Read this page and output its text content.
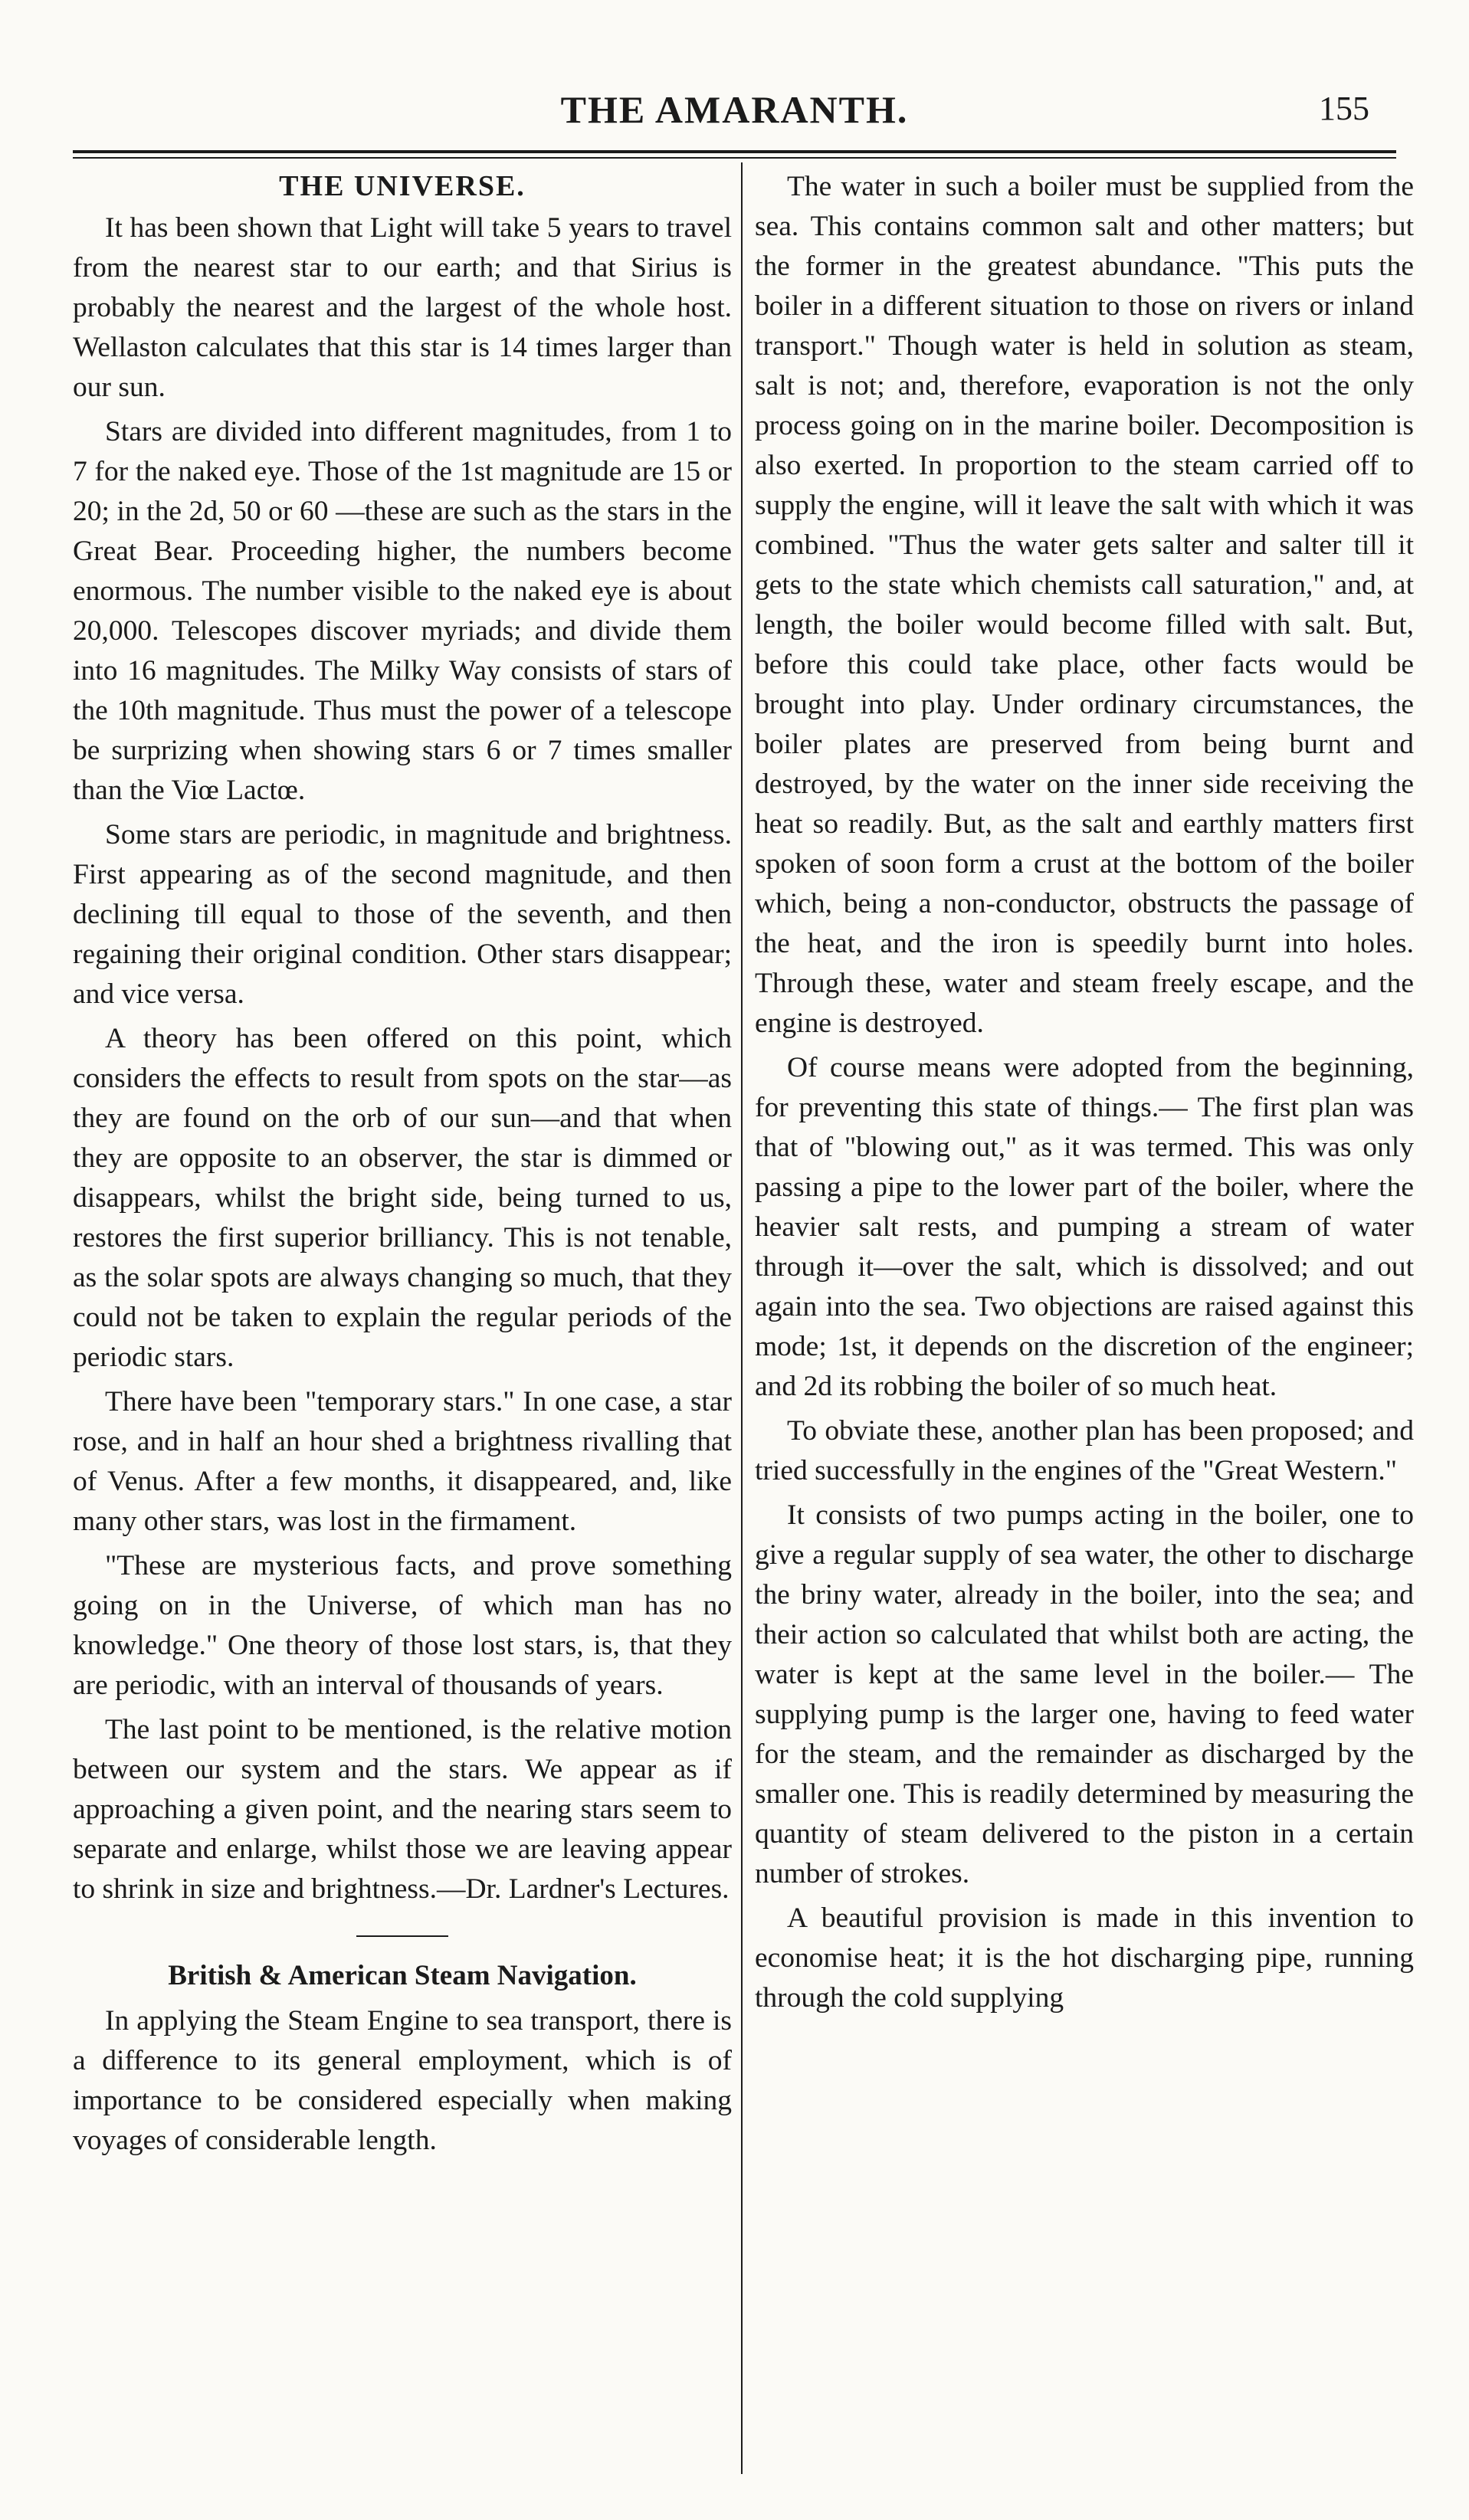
THE AMARANTH.	155
THE UNIVERSE.

It has been shown that Light will take 5 years to travel from the nearest star to our earth; and that Sirius is probably the nearest and the largest of the whole host. Wellaston calculates that this star is 14 times larger than our sun.

Stars are divided into different magnitudes, from 1 to 7 for the naked eye. Those of the 1st magnitude are 15 or 20; in the 2d, 50 or 60 —these are such as the stars in the Great Bear. Proceeding higher, the numbers become enormous. The number visible to the naked eye is about 20,000. Telescopes discover myriads; and divide them into 16 magnitudes. The Milky Way consists of stars of the 10th magnitude. Thus must the power of a telescope be surprizing when showing stars 6 or 7 times smaller than the Viœ Lactœ.

Some stars are periodic, in magnitude and brightness. First appearing as of the second magnitude, and then declining till equal to those of the seventh, and then regaining their original condition. Other stars disappear; and vice versa.

A theory has been offered on this point, which considers the effects to result from spots on the star—as they are found on the orb of our sun—and that when they are opposite to an observer, the star is dimmed or disappears, whilst the bright side, being turned to us, restores the first superior brilliancy. This is not tenable, as the solar spots are always changing so much, that they could not be taken to explain the regular periods of the periodic stars.

There have been "temporary stars." In one case, a star rose, and in half an hour shed a brightness rivalling that of Venus. After a few months, it disappeared, and, like many other stars, was lost in the firmament.

"These are mysterious facts, and prove something going on in the Universe, of which man has no knowledge." One theory of those lost stars, is, that they are periodic, with an interval of thousands of years.

The last point to be mentioned, is the relative motion between our system and the stars. We appear as if approaching a given point, and the nearing stars seem to separate and enlarge, whilst those we are leaving appear to shrink in size and brightness.—Dr. Lardner's Lectures.

British & American Steam Navigation.

In applying the Steam Engine to sea transport, there is a difference to its general employment, which is of importance to be considered especially when making voyages of considerable length.

The water in such a boiler must be supplied from the sea. This contains common salt and other matters; but the former in the greatest abundance. "This puts the boiler in a different situation to those on rivers or inland transport." Though water is held in solution as steam, salt is not; and, therefore, evaporation is not the only process going on in the marine boiler. Decomposition is also exerted. In proportion to the steam carried off to supply the engine, will it leave the salt with which it was combined. "Thus the water gets salter and salter till it gets to the state which chemists call saturation," and, at length, the boiler would become filled with salt. But, before this could take place, other facts would be brought into play. Under ordinary circumstances, the boiler plates are preserved from being burnt and destroyed, by the water on the inner side receiving the heat so readily. But, as the salt and earthly matters first spoken of soon form a crust at the bottom of the boiler which, being a non-conductor, obstructs the passage of the heat, and the iron is speedily burnt into holes. Through these, water and steam freely escape, and the engine is destroyed.

Of course means were adopted from the beginning, for preventing this state of things.— The first plan was that of "blowing out," as it was termed. This was only passing a pipe to the lower part of the boiler, where the heavier salt rests, and pumping a stream of water through it—over the salt, which is dissolved; and out again into the sea. Two objections are raised against this mode; 1st, it depends on the discretion of the engineer; and 2d its robbing the boiler of so much heat.

To obviate these, another plan has been proposed; and tried successfully in the engines of the "Great Western."

It consists of two pumps acting in the boiler, one to give a regular supply of sea water, the other to discharge the briny water, already in the boiler, into the sea; and their action so calculated that whilst both are acting, the water is kept at the same level in the boiler.— The supplying pump is the larger one, having to feed water for the steam, and the remainder as discharged by the smaller one. This is readily determined by measuring the quantity of steam delivered to the piston in a certain number of strokes.

A beautiful provision is made in this invention to economise heat; it is the hot discharging pipe, running through the cold supplying
